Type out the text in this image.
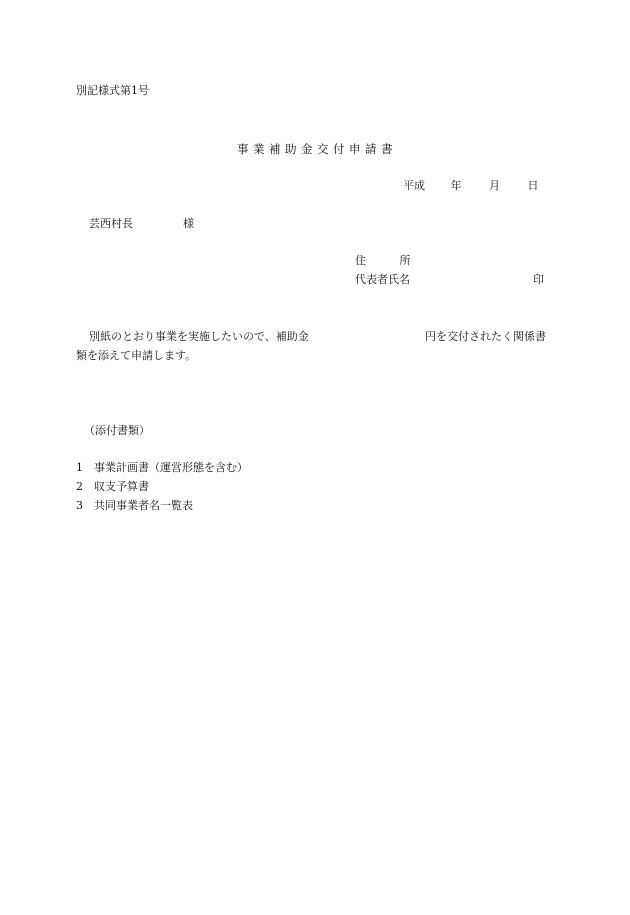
別記様式第1号
事業補助金交付申請書
平成 年	月	日
芸西村長	様
住	所
代表者氏名	印
別紙のとおり事業を実施したいので、補助金	円を交付されたく関係書
類を添えて申請します。
（添付書類）
1 事業計画書（運営形態を含む）
2 収支予算書
3 共同事業者名一覧表
